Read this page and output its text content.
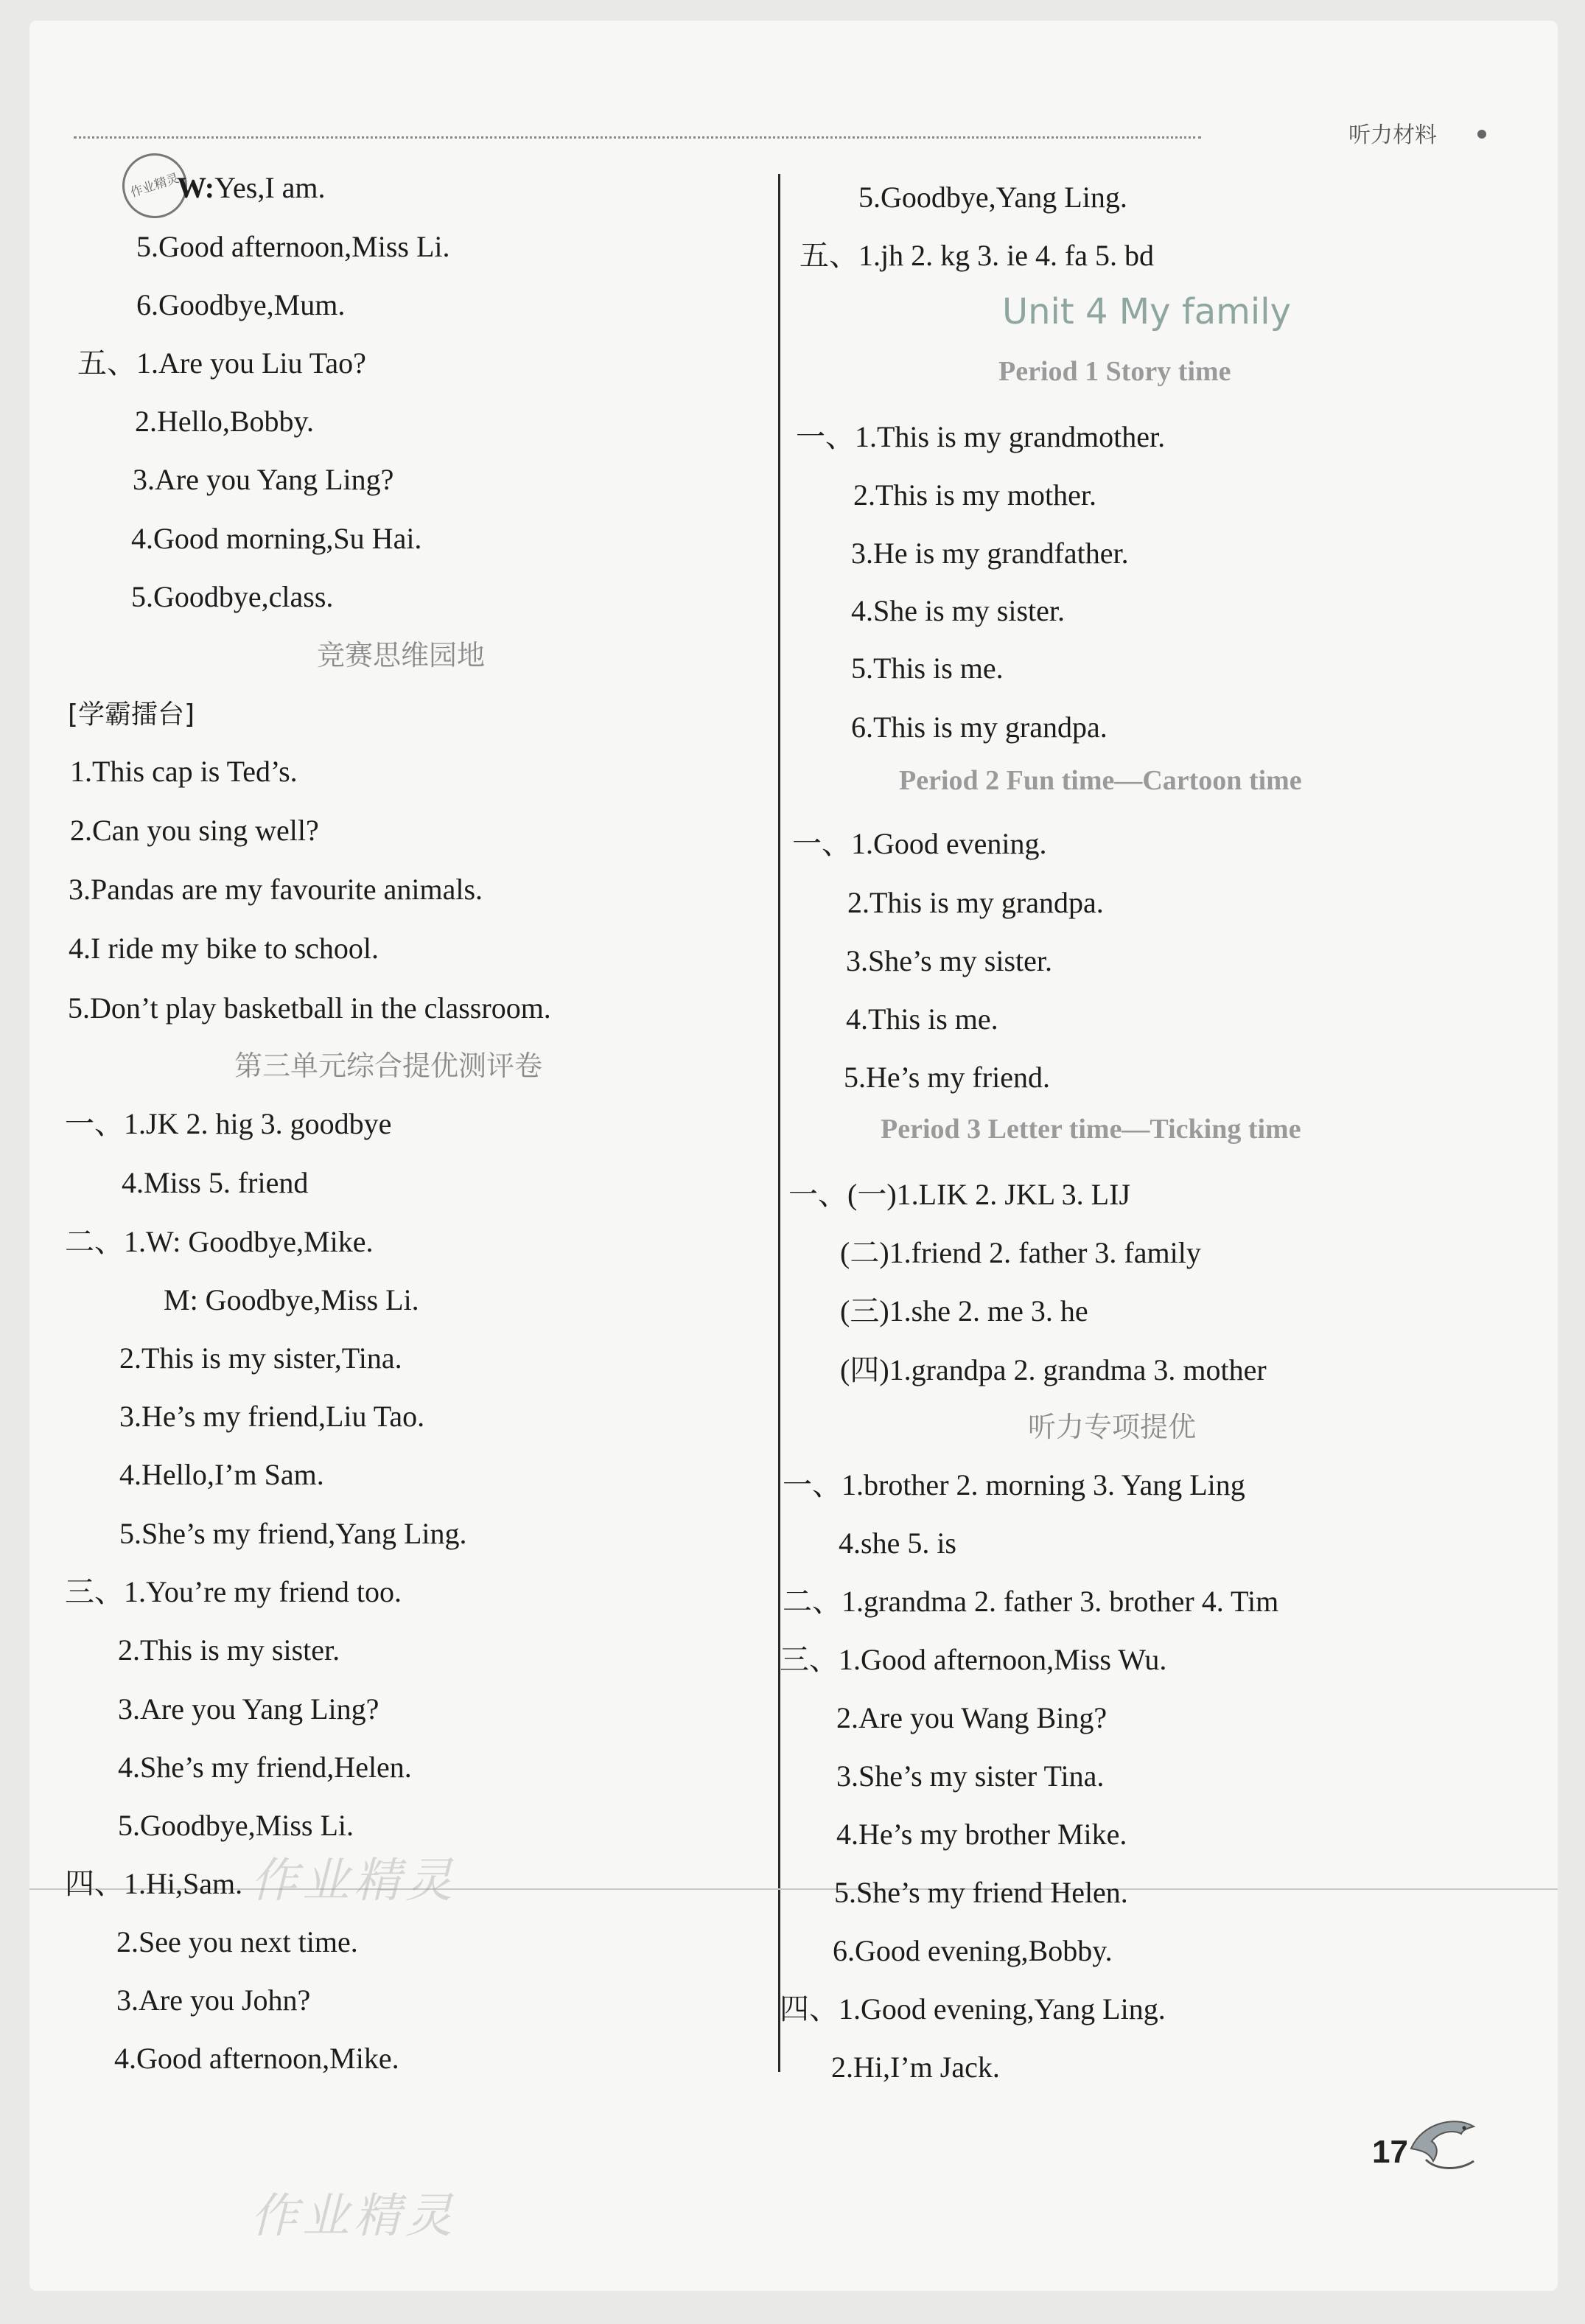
听力材料
作业精灵
W:Yes,I am.
5.Good afternoon,Miss Li.
6.Goodbye,Mum.
五、1.Are you Liu Tao?
2.Hello,Bobby.
3.Are you Yang Ling?
4.Good morning,Su Hai.
5.Goodbye,class.
竞赛思维园地
[学霸擂台]
1.This cap is Ted’s.
2.Can you sing well?
3.Pandas are my favourite animals.
4.I ride my bike to school.
5.Don’t play basketball in the classroom.
第三单元综合提优测评卷
一、1.JK 2. hig 3. goodbye
4.Miss 5. friend
二、1.W: Goodbye,Mike.
M: Goodbye,Miss Li.
2.This is my sister,Tina.
3.He’s my friend,Liu Tao.
4.Hello,I’m Sam.
5.She’s my friend,Yang Ling.
三、1.You’re my friend too.
2.This is my sister.
3.Are you Yang Ling?
4.She’s my friend,Helen.
5.Goodbye,Miss Li.
四、1.Hi,Sam.
2.See you next time.
3.Are you John?
4.Good afternoon,Mike.
5.Goodbye,Yang Ling.
五、1.jh 2. kg 3. ie 4. fa 5. bd
Unit 4 My family
Period 1 Story time
一、1.This is my grandmother.
2.This is my mother.
3.He is my grandfather.
4.She is my sister.
5.This is me.
6.This is my grandpa.
Period 2 Fun time—Cartoon time
一、1.Good evening.
2.This is my grandpa.
3.She’s my sister.
4.This is me.
5.He’s my friend.
Period 3 Letter time—Ticking time
一、(一)1.LIK 2. JKL 3. LIJ
(二)1.friend 2. father 3. family
(三)1.she 2. me 3. he
(四)1.grandpa 2. grandma 3. mother
听力专项提优
一、1.brother 2. morning 3. Yang Ling
4.she 5. is
二、1.grandma 2. father 3. brother 4. Tim
三、1.Good afternoon,Miss Wu.
2.Are you Wang Bing?
3.She’s my sister Tina.
4.He’s my brother Mike.
5.She’s my friend Helen.
6.Good evening,Bobby.
四、1.Good evening,Yang Ling.
2.Hi,I’m Jack.
作业精灵
作业精灵
17
